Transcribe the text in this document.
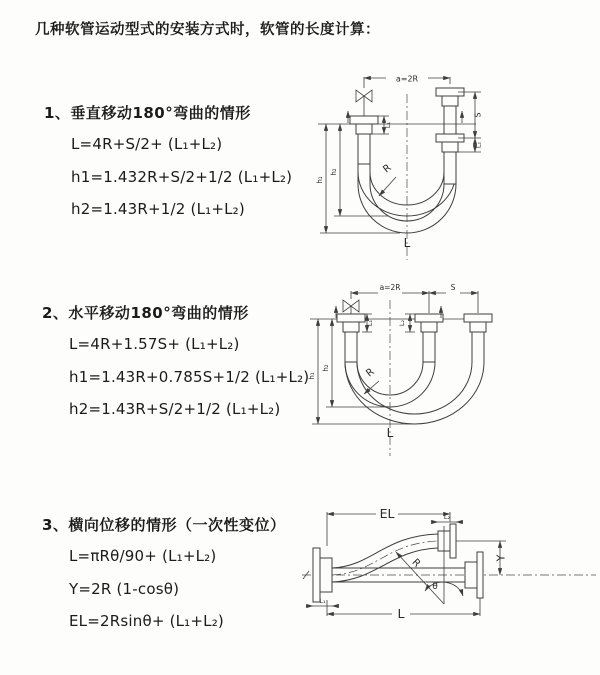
几种软管运动型式的安装方式时，软管的长度计算：
1、垂直移动180°弯曲的情形
L=4R+S/2+ (L₁+L₂)
h1=1.432R+S/2+1/2 (L₁+L₂)
h2=1.43R+1/2 (L₁+L₂)
2、水平移动180°弯曲的情形
L=4R+1.57S+ (L₁+L₂)
h1=1.43R+0.785S+1/2 (L₁+L₂)
h2=1.43R+S/2+1/2 (L₁+L₂)
3、横向位移的情形（一次性变位）
L=πRθ/90+ (L₁+L₂)
Y=2R (1-cosθ)
EL=2Rsinθ+ (L₁+L₂)
R
a=2R
S
L₂
L₁
h₁
h₂
L
R
a=2R	S
h₁
h₂
L₁	L₂
L
R
θ
EL	L₂
Y
L
L₁
